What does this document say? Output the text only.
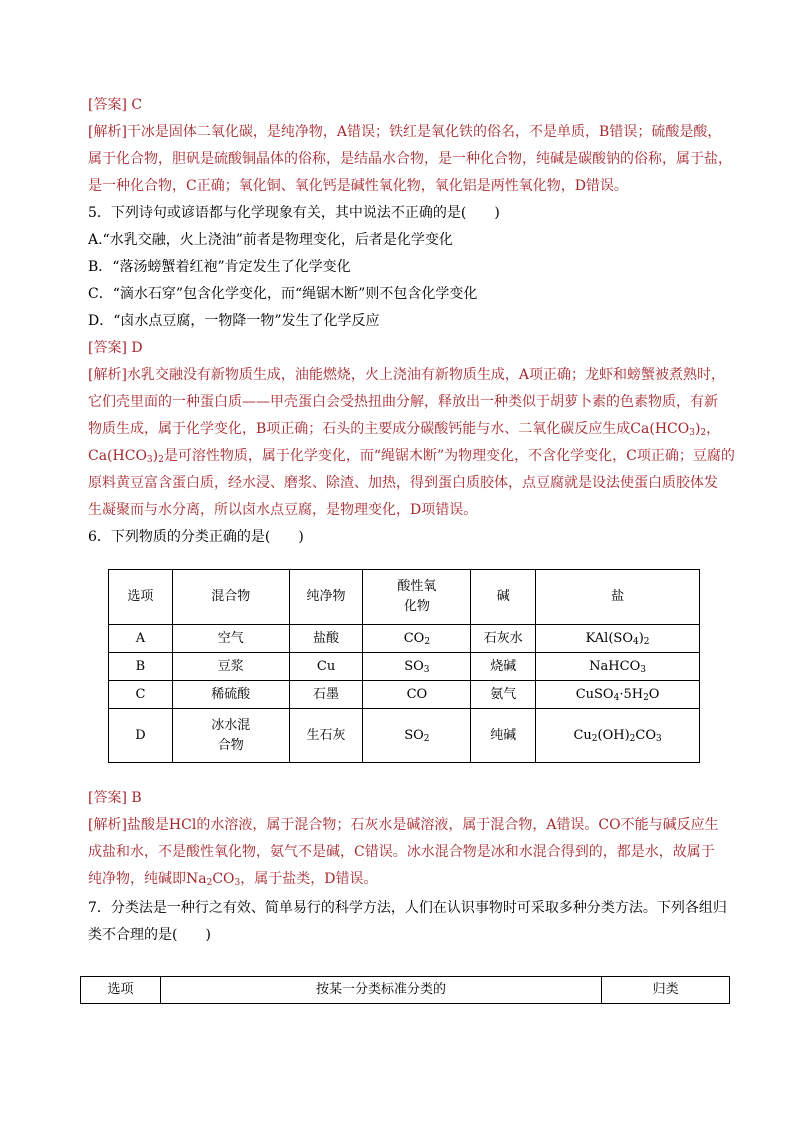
[答案] C
[解析]干冰是固体二氧化碳，是纯净物，A错误；铁红是氧化铁的俗名，不是单质，B错误；硫酸是酸，
属于化合物，胆矾是硫酸铜晶体的俗称，是结晶水合物，是一种化合物，纯碱是碳酸钠的俗称，属于盐，
是一种化合物，C正确；氧化铜、氧化钙是碱性氧化物，氧化铝是两性氧化物，D错误。
5．下列诗句或谚语都与化学现象有关，其中说法不正确的是(　　)
A.“水乳交融，火上浇油”前者是物理变化，后者是化学变化
B．“落汤螃蟹着红袍”肯定发生了化学变化
C．“滴水石穿”包含化学变化，而“绳锯木断”则不包含化学变化
D．“卤水点豆腐，一物降一物”发生了化学反应
[答案] D
[解析]水乳交融没有新物质生成，油能燃烧，火上浇油有新物质生成，A项正确；龙虾和螃蟹被煮熟时，
它们壳里面的一种蛋白质——甲壳蛋白会受热扭曲分解，释放出一种类似于胡萝卜素的色素物质，有新
物质生成，属于化学变化，B项正确；石头的主要成分碳酸钙能与水、二氧化碳反应生成$Ca(HCO_3)_2$，
$Ca(HCO_3)_2$是可溶性物质，属于化学变化，而“绳锯木断”为物理变化，不含化学变化，C项正确；豆腐的
原料黄豆富含蛋白质，经水浸、磨浆、除渣、加热，得到蛋白质胶体，点豆腐就是设法使蛋白质胶体发
生凝聚而与水分离，所以卤水点豆腐，是物理变化，D项错误。
6．下列物质的分类正确的是(　　)
选项	混合物	纯净物	酸性氧
化物	碱	盐
A	空气	盐酸	$CO_2$	石灰水	$KAl(SO_4)_2$
B	豆浆	Cu	$SO_3$	烧碱	NaHCO$_3$
C	稀硫酸	石墨	CO	氨气	$CuSO_4\cdot 5H_2O$
D	冰水混
合物	生石灰	$SO_2$	纯碱	$Cu_2(OH)_2CO_3$
[答案] B
[解析]盐酸是HCl的水溶液，属于混合物；石灰水是碱溶液，属于混合物，A错误。CO不能与碱反应生
成盐和水，不是酸性氧化物，氨气不是碱，C错误。冰水混合物是冰和水混合得到的，都是水，故属于
纯净物，纯碱即$Na_2CO_3$，属于盐类，D错误。
7．分类法是一种行之有效、简单易行的科学方法，人们在认识事物时可采取多种分类方法。下列各组归
类不合理的是(　　)
选项	按某一分类标准分类的	归类
